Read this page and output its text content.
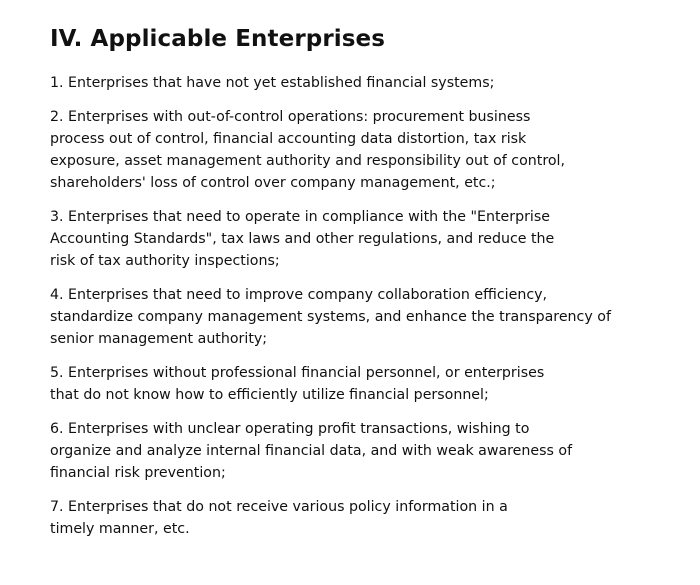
IV. Applicable Enterprises

1. Enterprises that have not yet established financial systems;

2. Enterprises with out-of-control operations: procurement business
process out of control, financial accounting data distortion, tax risk
exposure, asset management authority and responsibility out of control,
shareholders' loss of control over company management, etc.;

3. Enterprises that need to operate in compliance with the "Enterprise
Accounting Standards", tax laws and other regulations, and reduce the
risk of tax authority inspections;

4. Enterprises that need to improve company collaboration efficiency,
standardize company management systems, and enhance the transparency of
senior management authority;

5. Enterprises without professional financial personnel, or enterprises
that do not know how to efficiently utilize financial personnel;

6. Enterprises with unclear operating profit transactions, wishing to
organize and analyze internal financial data, and with weak awareness of
financial risk prevention;

7. Enterprises that do not receive various policy information in a
timely manner, etc.
